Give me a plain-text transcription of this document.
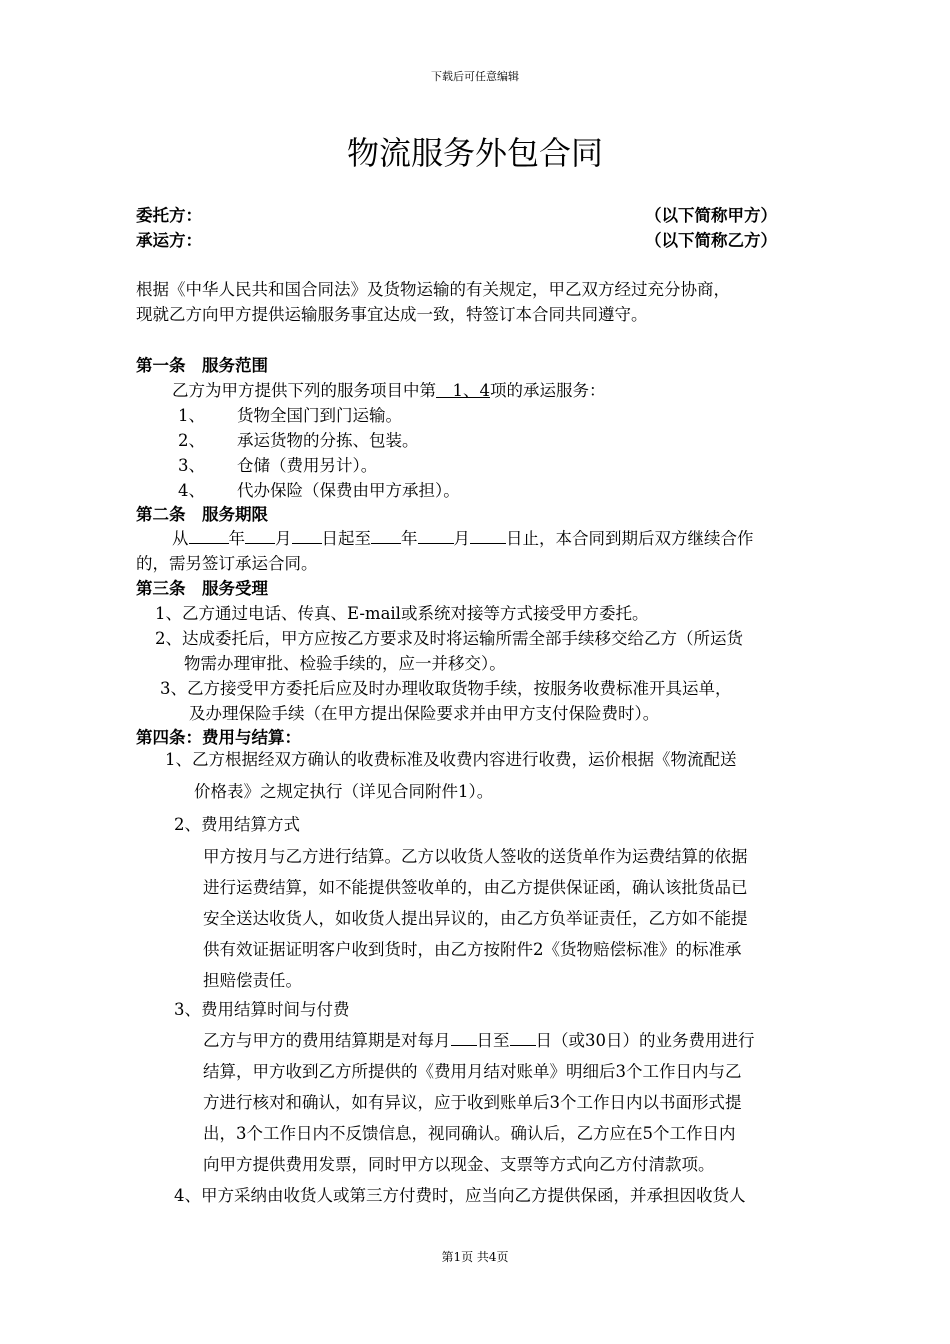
下载后可任意编辑
物流服务外包合同
委托方：	（以下简称甲方）
承运方：	（以下简称乙方）
根据《中华人民共和国合同法》及货物运输的有关规定，甲乙双方经过充分协商，
现就乙方向甲方提供运输服务事宜达成一致，特签订本合同共同遵守。
第一条　服务范围
乙方为甲方提供下列的服务项目中第　1、4项的承运服务：
1、 货物全国门到门运输。
2、 承运货物的分拣、包装。
3、 仓储（费用另计）。
4、 代办保险（保费由甲方承担）。
第二条　服务期限
从 年 月 日起至 年 月 日止，本合同到期后双方继续合作
的，需另签订承运合同。
第三条　服务受理
1、乙方通过电话、传真、E-mail或系统对接等方式接受甲方委托。
2、达成委托后，甲方应按乙方要求及时将运输所需全部手续移交给乙方（所运货
物需办理审批、检验手续的，应一并移交）。
3、乙方接受甲方委托后应及时办理收取货物手续，按服务收费标准开具运单，
及办理保险手续（在甲方提出保险要求并由甲方支付保险费时）。
第四条：费用与结算：
1、乙方根据经双方确认的收费标准及收费内容进行收费，运价根据《物流配送
价格表》之规定执行（详见合同附件1）。
2、费用结算方式
甲方按月与乙方进行结算。乙方以收货人签收的送货单作为运费结算的依据
进行运费结算，如不能提供签收单的，由乙方提供保证函，确认该批货品已
安全送达收货人，如收货人提出异议的，由乙方负举证责任，乙方如不能提
供有效证据证明客户收到货时，由乙方按附件2《货物赔偿标准》的标准承
担赔偿责任。
3、费用结算时间与付费
乙方与甲方的费用结算期是对每月 日至 日（或30日）的业务费用进行
结算，甲方收到乙方所提供的《费用月结对账单》明细后3个工作日内与乙
方进行核对和确认，如有异议，应于收到账单后3个工作日内以书面形式提
出，3个工作日内不反馈信息，视同确认。确认后，乙方应在5个工作日内
向甲方提供费用发票，同时甲方以现金、支票等方式向乙方付清款项。
4、甲方采纳由收货人或第三方付费时，应当向乙方提供保函，并承担因收货人
第1页 共4页
